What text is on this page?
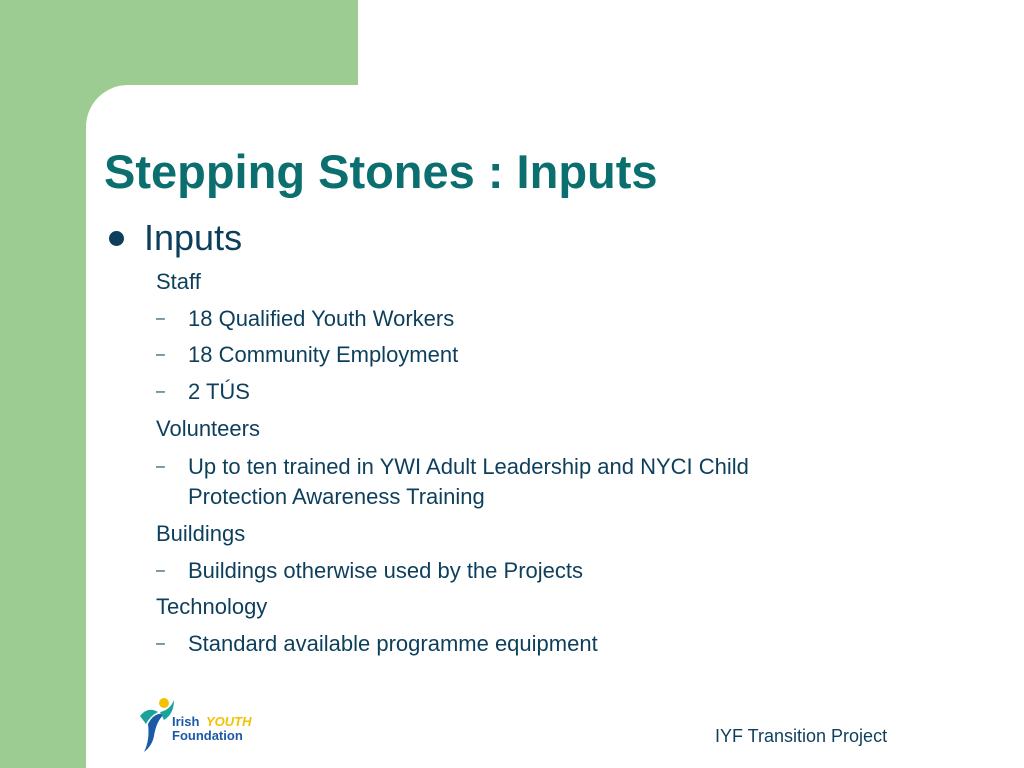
Stepping Stones : Inputs
Inputs
Staff
–	18 Qualified Youth Workers
–	18 Community Employment
–	2 TÚS
Volunteers
–	Up to ten trained in YWI Adult Leadership and NYCI Child
Protection Awareness Training
Buildings
–	Buildings otherwise used by the Projects
Technology
–	Standard available programme equipment
Irish YOUTH
Foundation	IYF Transition Project
